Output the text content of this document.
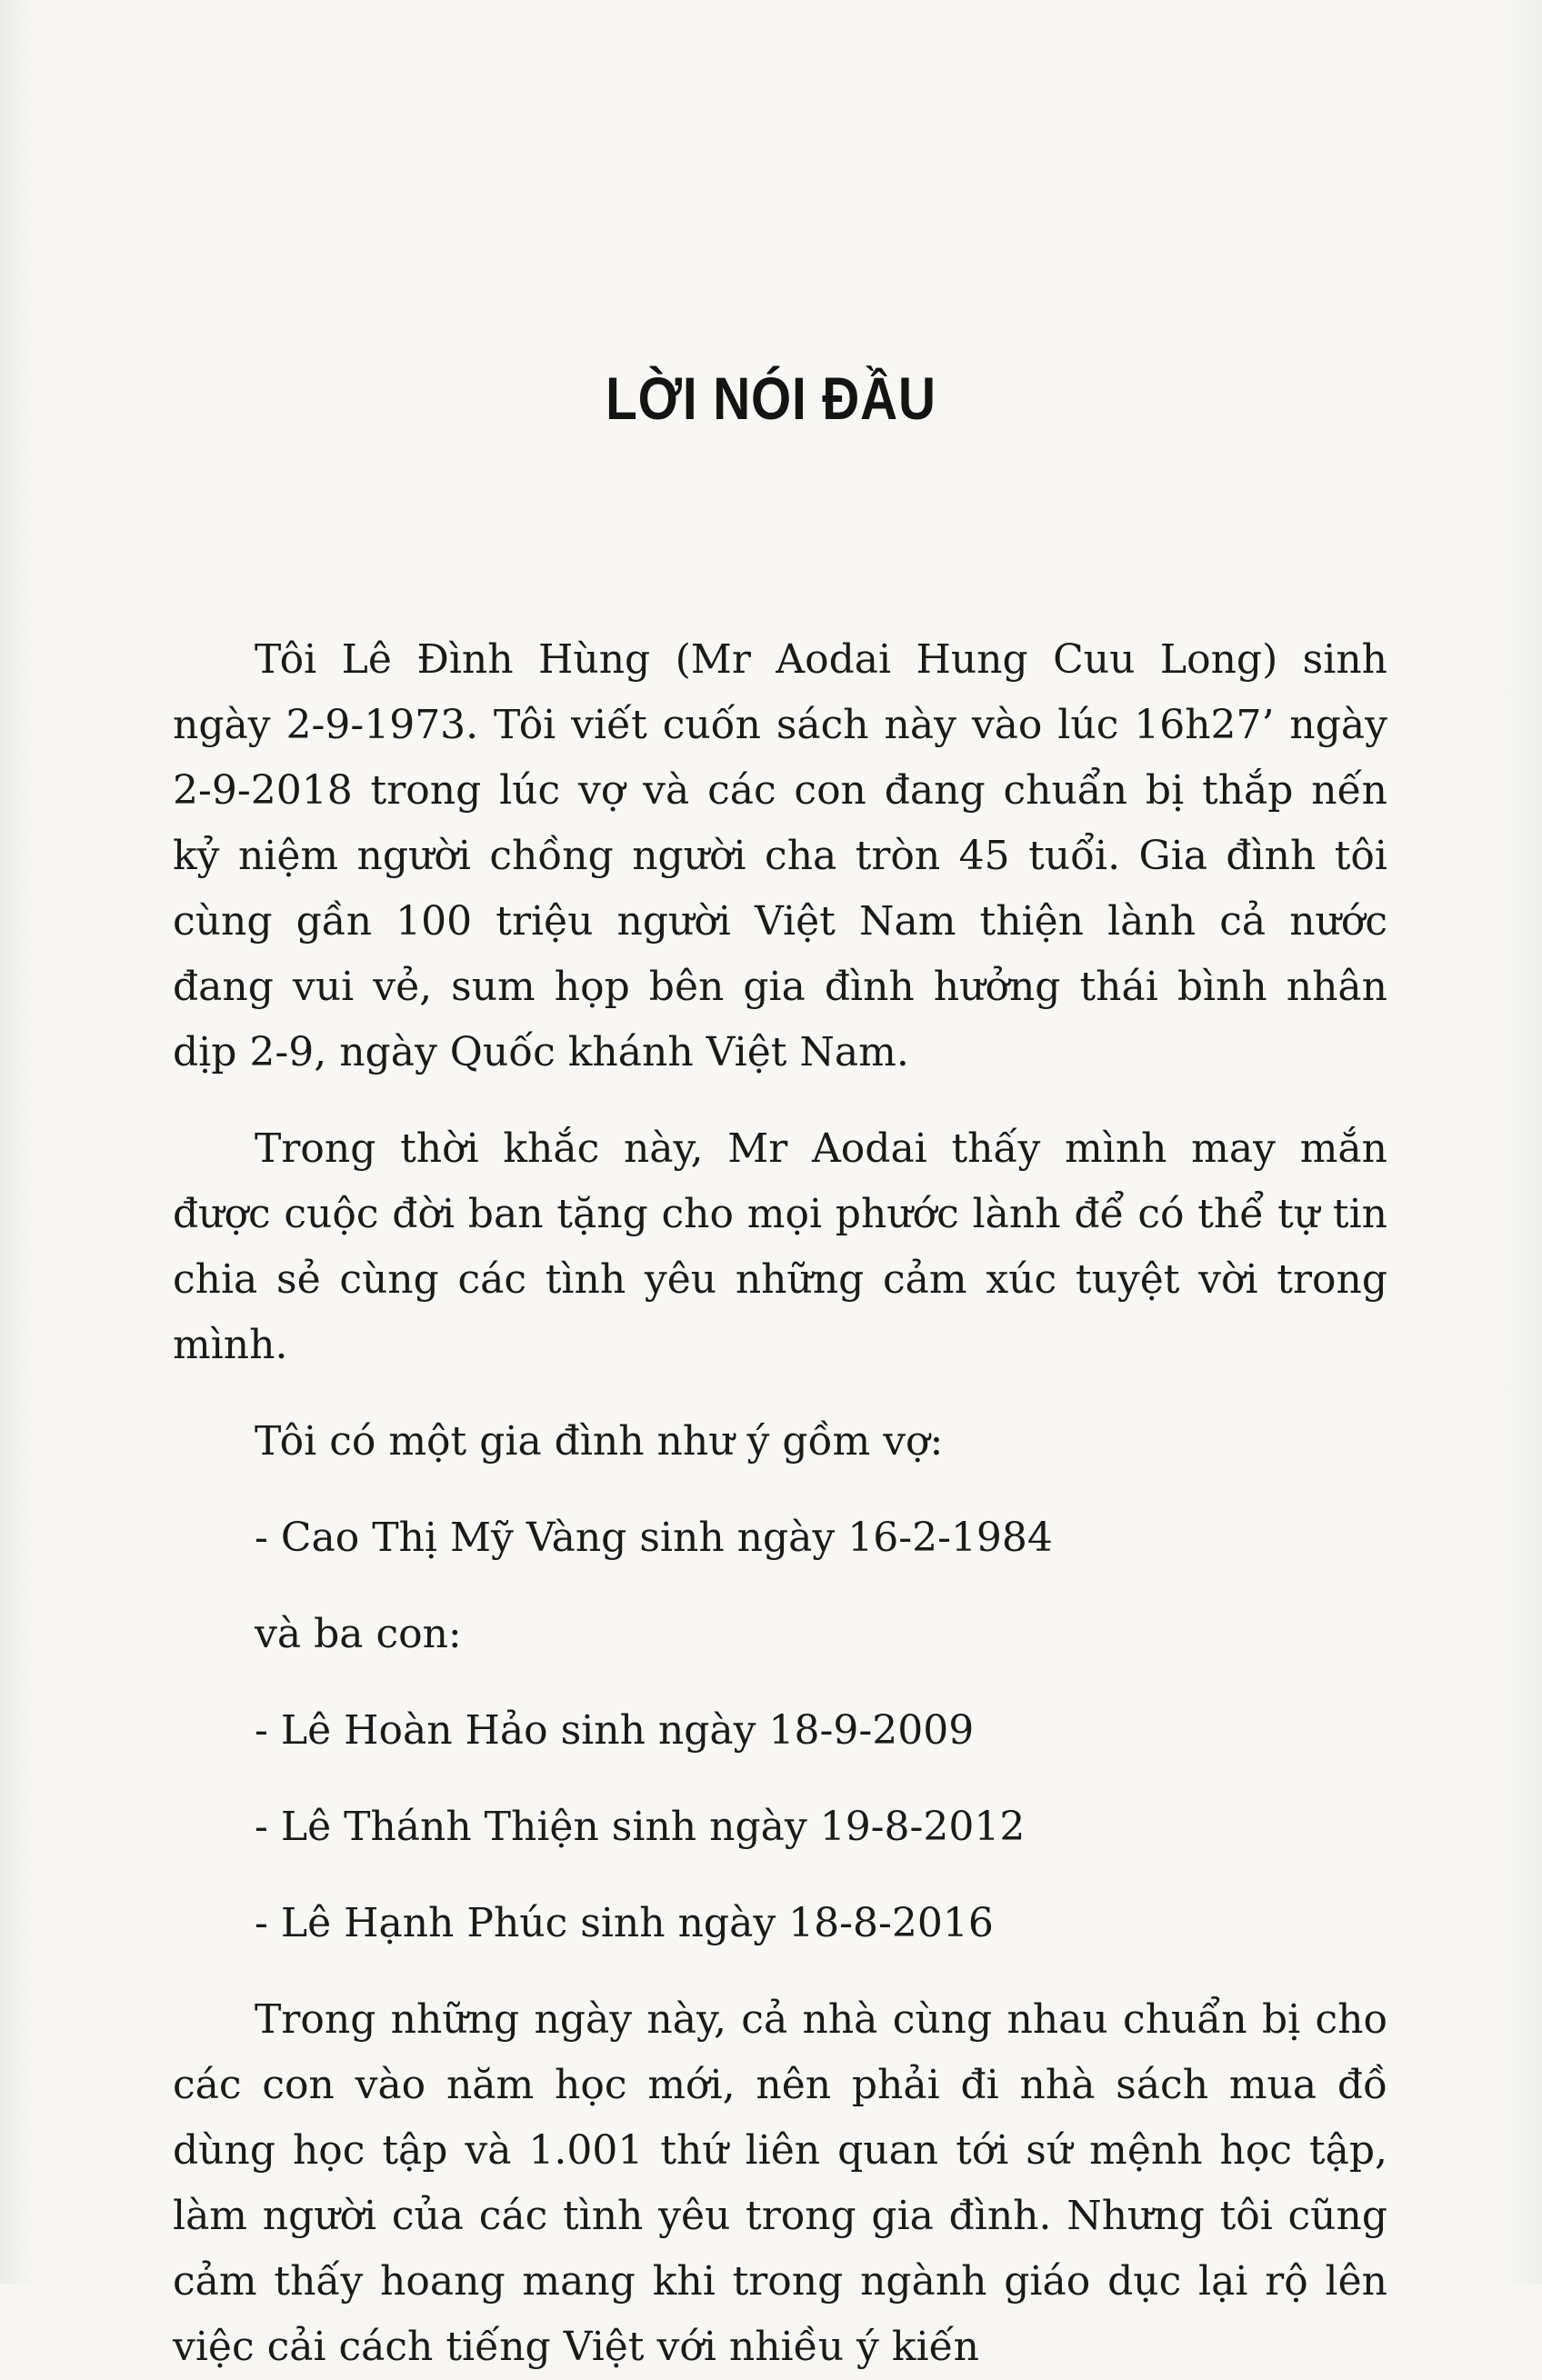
LỜI NÓI ĐẦU

Tôi Lê Đình Hùng (Mr Aodai Hung Cuu Long) sinh ngày 2-9-1973. Tôi viết cuốn sách này vào lúc 16h27’ ngày 2-9-2018 trong lúc vợ và các con đang chuẩn bị thắp nến kỷ niệm người chồng người cha tròn 45 tuổi. Gia đình tôi cùng gần 100 triệu người Việt Nam thiện lành cả nước đang vui vẻ, sum họp bên gia đình hưởng thái bình nhân dịp 2-9, ngày Quốc khánh Việt Nam.

Trong thời khắc này, Mr Aodai thấy mình may mắn được cuộc đời ban tặng cho mọi phước lành để có thể tự tin chia sẻ cùng các tình yêu những cảm xúc tuyệt vời trong mình.

Tôi có một gia đình như ý gồm vợ:

- Cao Thị Mỹ Vàng sinh ngày 16-2-1984

và ba con:

- Lê Hoàn Hảo sinh ngày 18-9-2009

- Lê Thánh Thiện sinh ngày 19-8-2012

- Lê Hạnh Phúc sinh ngày 18-8-2016

Trong những ngày này, cả nhà cùng nhau chuẩn bị cho các con vào năm học mới, nên phải đi nhà sách mua đồ dùng học tập và 1.001 thứ liên quan tới sứ mệnh học tập, làm người của các tình yêu trong gia đình. Nhưng tôi cũng cảm thấy hoang mang khi trong ngành giáo dục lại rộ lên việc cải cách tiếng Việt với nhiều ý kiến
